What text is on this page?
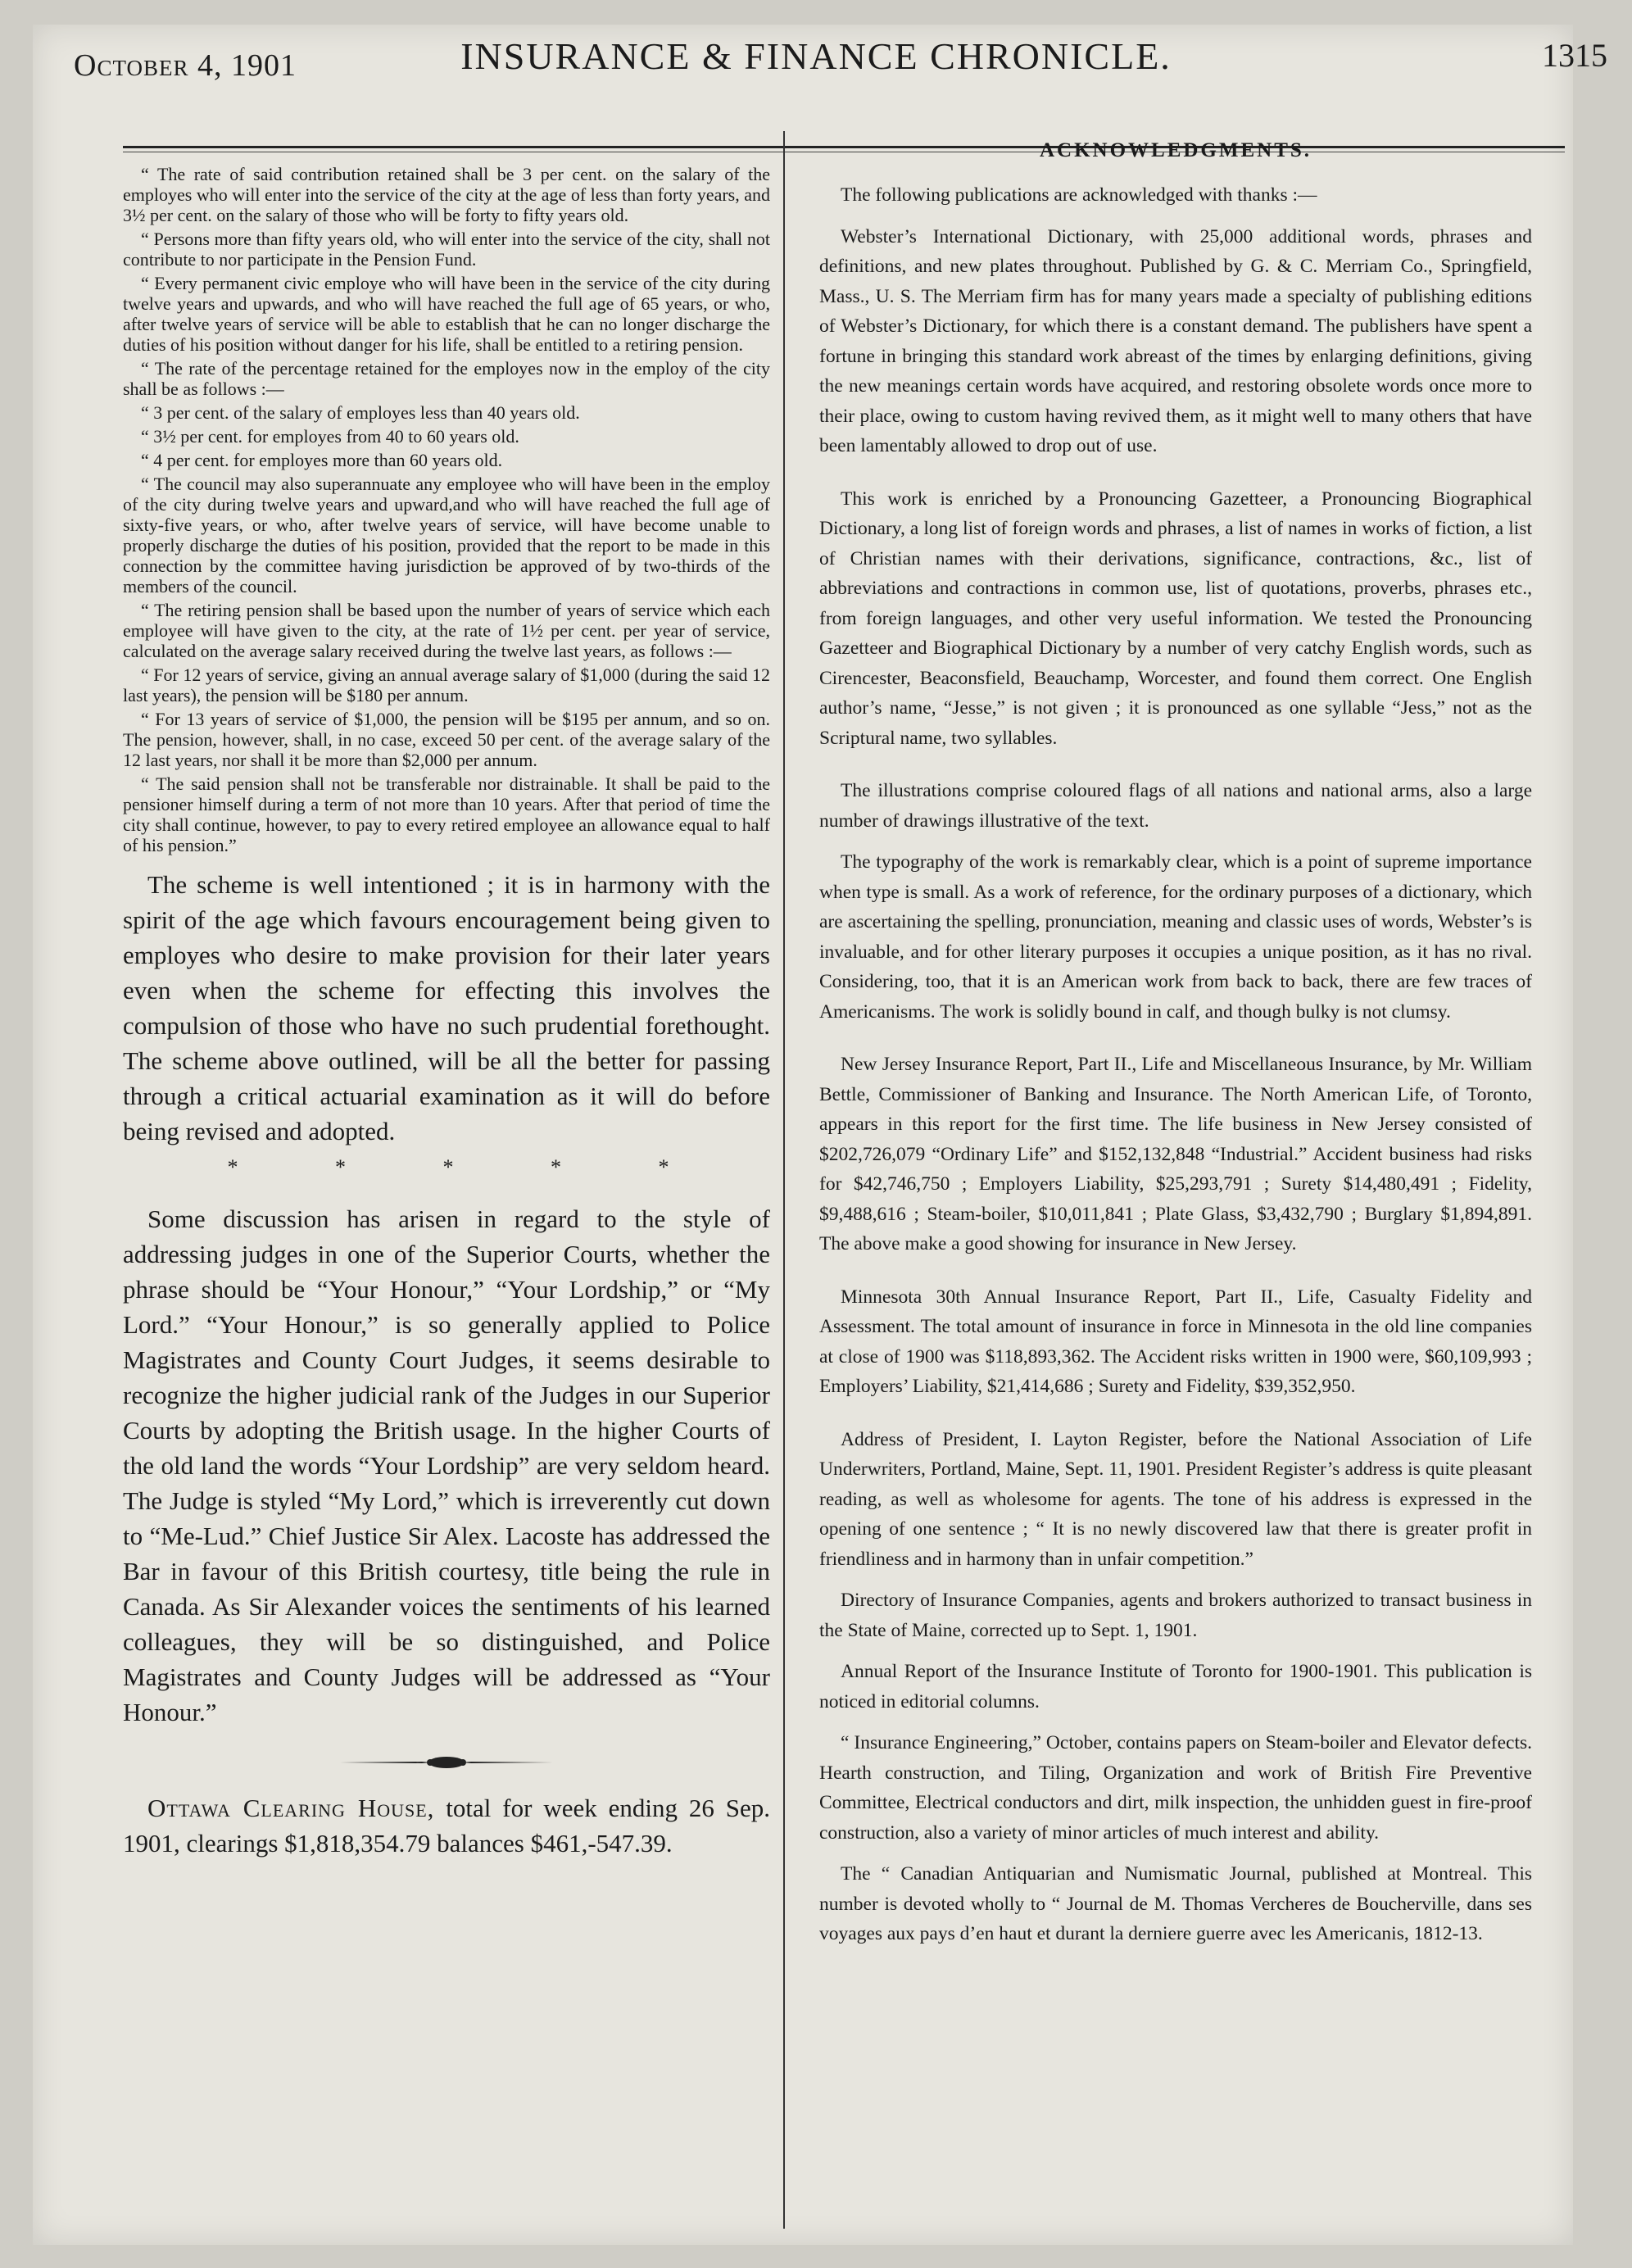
October 4, 1901	INSURANCE & FINANCE CHRONICLE.	1315

“ The rate of said contribution retained shall be 3 per cent. on the salary of the employes who will enter into the service of the city at the age of less than forty years, and 3½ per cent. on the salary of those who will be forty to fifty years old.

“ Persons more than fifty years old, who will enter into the service of the city, shall not contribute to nor participate in the Pension Fund.

“ Every permanent civic employe who will have been in the service of the city during twelve years and upwards, and who will have reached the full age of 65 years, or who, after twelve years of service will be able to establish that he can no longer discharge the duties of his position without danger for his life, shall be entitled to a retiring pension.

“ The rate of the percentage retained for the employes now in the employ of the city shall be as follows :—

“ 3 per cent. of the salary of employes less than 40 years old.

“ 3½ per cent. for employes from 40 to 60 years old.

“ 4 per cent. for employes more than 60 years old.

“ The council may also superannuate any employee who will have been in the employ of the city during twelve years and upward,and who will have reached the full age of sixty-five years, or who, after twelve years of service, will have become unable to properly discharge the duties of his position, provided that the report to be made in this connection by the committee having jurisdiction be approved of by two-thirds of the members of the council.

“ The retiring pension shall be based upon the number of years of service which each employee will have given to the city, at the rate of 1½ per cent. per year of service, calculated on the average salary received during the twelve last years, as follows :—

“ For 12 years of service, giving an annual average salary of $1,000 (during the said 12 last years), the pension will be $180 per annum.

“ For 13 years of service of $1,000, the pension will be $195 per annum, and so on. The pension, however, shall, in no case, exceed 50 per cent. of the average salary of the 12 last years, nor shall it be more than $2,000 per annum.

“ The said pension shall not be transferable nor distrainable. It shall be paid to the pensioner himself during a term of not more than 10 years. After that period of time the city shall continue, however, to pay to every retired employee an allowance equal to half of his pension.”

The scheme is well intentioned ; it is in harmony with the spirit of the age which favours encouragement being given to employes who desire to make provision for their later years even when the scheme for effecting this involves the compulsion of those who have no such prudential forethought. The scheme above outlined, will be all the better for passing through a critical actuarial examination as it will do before being revised and adopted.

* * * * *

Some discussion has arisen in regard to the style of addressing judges in one of the Superior Courts, whether the phrase should be “Your Honour,” “Your Lordship,” or “My Lord.” “Your Honour,” is so generally applied to Police Magistrates and County Court Judges, it seems desirable to recognize the higher judicial rank of the Judges in our Superior Courts by adopting the British usage. In the higher Courts of the old land the words “Your Lordship” are very seldom heard. The Judge is styled “My Lord,” which is irreverently cut down to “Me-Lud.” Chief Justice Sir Alex. Lacoste has addressed the Bar in favour of this British courtesy, title being the rule in Canada. As Sir Alexander voices the sentiments of his learned colleagues, they will be so distinguished, and Police Magistrates and County Judges will be addressed as “Your Honour.”

Ottawa Clearing House, total for week ending 26 Sep. 1901, clearings $1,818,354.79 balances $461,-547.39.

ACKNOWLEDGMENTS.

The following publications are acknowledged with thanks :—

Webster’s International Dictionary, with 25,000 additional words, phrases and definitions, and new plates throughout. Published by G. & C. Merriam Co., Springfield, Mass., U. S. The Merriam firm has for many years made a specialty of publishing editions of Webster’s Dictionary, for which there is a constant demand. The publishers have spent a fortune in bringing this standard work abreast of the times by enlarging definitions, giving the new meanings certain words have acquired, and restoring obsolete words once more to their place, owing to custom having revived them, as it might well to many others that have been lamentably allowed to drop out of use.

This work is enriched by a Pronouncing Gazetteer, a Pronouncing Biographical Dictionary, a long list of foreign words and phrases, a list of names in works of fiction, a list of Christian names with their derivations, significance, contractions, &c., list of abbreviations and contractions in common use, list of quotations, proverbs, phrases etc., from foreign languages, and other very useful information. We tested the Pronouncing Gazetteer and Biographical Dictionary by a number of very catchy English words, such as Cirencester, Beaconsfield, Beauchamp, Worcester, and found them correct. One English author’s name, “Jesse,” is not given ; it is pronounced as one syllable “Jess,” not as the Scriptural name, two syllables.

The illustrations comprise coloured flags of all nations and national arms, also a large number of drawings illustrative of the text.

The typography of the work is remarkably clear, which is a point of supreme importance when type is small. As a work of reference, for the ordinary purposes of a dictionary, which are ascertaining the spelling, pronunciation, meaning and classic uses of words, Webster’s is invaluable, and for other literary purposes it occupies a unique position, as it has no rival. Considering, too, that it is an American work from back to back, there are few traces of Americanisms. The work is solidly bound in calf, and though bulky is not clumsy.

New Jersey Insurance Report, Part II., Life and Miscellaneous Insurance, by Mr. William Bettle, Commissioner of Banking and Insurance. The North American Life, of Toronto, appears in this report for the first time. The life business in New Jersey consisted of $202,726,079 “Ordinary Life” and $152,132,848 “Industrial.” Accident business had risks for $42,746,750 ; Employers Liability, $25,293,791 ; Surety $14,480,491 ; Fidelity, $9,488,616 ; Steam-boiler, $10,011,841 ; Plate Glass, $3,432,790 ; Burglary $1,894,891. The above make a good showing for insurance in New Jersey.

Minnesota 30th Annual Insurance Report, Part II., Life, Casualty Fidelity and Assessment. The total amount of insurance in force in Minnesota in the old line companies at close of 1900 was $118,893,362. The Accident risks written in 1900 were, $60,109,993 ; Employers’ Liability, $21,414,686 ; Surety and Fidelity, $39,352,950.

Address of President, I. Layton Register, before the National Association of Life Underwriters, Portland, Maine, Sept. 11, 1901. President Register’s address is quite pleasant reading, as well as wholesome for agents. The tone of his address is expressed in the opening of one sentence ; “ It is no newly discovered law that there is greater profit in friendliness and in harmony than in unfair competition.”

Directory of Insurance Companies, agents and brokers authorized to transact business in the State of Maine, corrected up to Sept. 1, 1901.

Annual Report of the Insurance Institute of Toronto for 1900-1901. This publication is noticed in editorial columns.

“ Insurance Engineering,” October, contains papers on Steam-boiler and Elevator defects. Hearth construction, and Tiling, Organization and work of British Fire Preventive Committee, Electrical conductors and dirt, milk inspection, the unhidden guest in fire-proof construction, also a variety of minor articles of much interest and ability.

The “ Canadian Antiquarian and Numismatic Journal, published at Montreal. This number is devoted wholly to “ Journal de M. Thomas Vercheres de Boucherville, dans ses voyages aux pays d’en haut et durant la derniere guerre avec les Americanis, 1812-13.
